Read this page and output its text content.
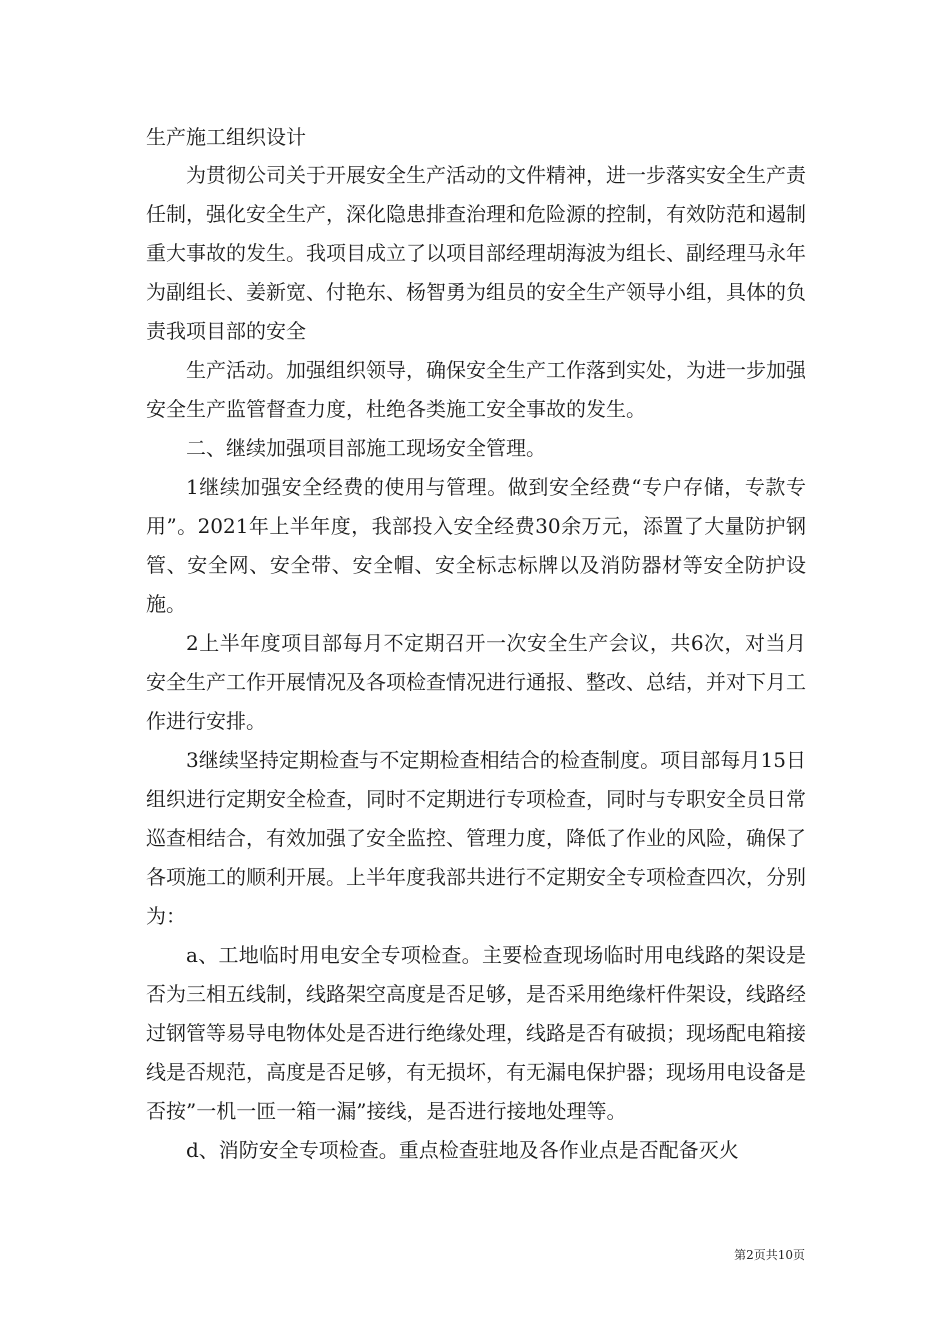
生产施工组织设计

为贯彻公司关于开展安全生产活动的文件精神，进一步落实安全生产责任制，强化安全生产，深化隐患排查治理和危险源的控制，有效防范和遏制重大事故的发生。我项目成立了以项目部经理胡海波为组长、副经理马永年为副组长、姜新宽、付艳东、杨智勇为组员的安全生产领导小组，具体的负责我项目部的安全

生产活动。加强组织领导，确保安全生产工作落到实处，为进一步加强安全生产监管督查力度，杜绝各类施工安全事故的发生。

二、继续加强项目部施工现场安全管理。

1继续加强安全经费的使用与管理。做到安全经费“专户存储，专款专用”。2021年上半年度，我部投入安全经费30余万元，添置了大量防护钢管、安全网、安全带、安全帽、安全标志标牌以及消防器材等安全防护设施。

2上半年度项目部每月不定期召开一次安全生产会议，共6次，对当月安全生产工作开展情况及各项检查情况进行通报、整改、总结，并对下月工作进行安排。

3继续坚持定期检查与不定期检查相结合的检查制度。项目部每月15日组织进行定期安全检查，同时不定期进行专项检查，同时与专职安全员日常巡查相结合，有效加强了安全监控、管理力度，降低了作业的风险，确保了各项施工的顺利开展。上半年度我部共进行不定期安全专项检查四次，分别为：

a、工地临时用电安全专项检查。主要检查现场临时用电线路的架设是否为三相五线制，线路架空高度是否足够，是否采用绝缘杆件架设，线路经过钢管等易导电物体处是否进行绝缘处理，线路是否有破损；现场配电箱接线是否规范，高度是否足够，有无损坏，有无漏电保护器；现场用电设备是否按”一机一匝一箱一漏”接线，是否进行接地处理等。

d、消防安全专项检查。重点检查驻地及各作业点是否配备灭火

第2页共10页
